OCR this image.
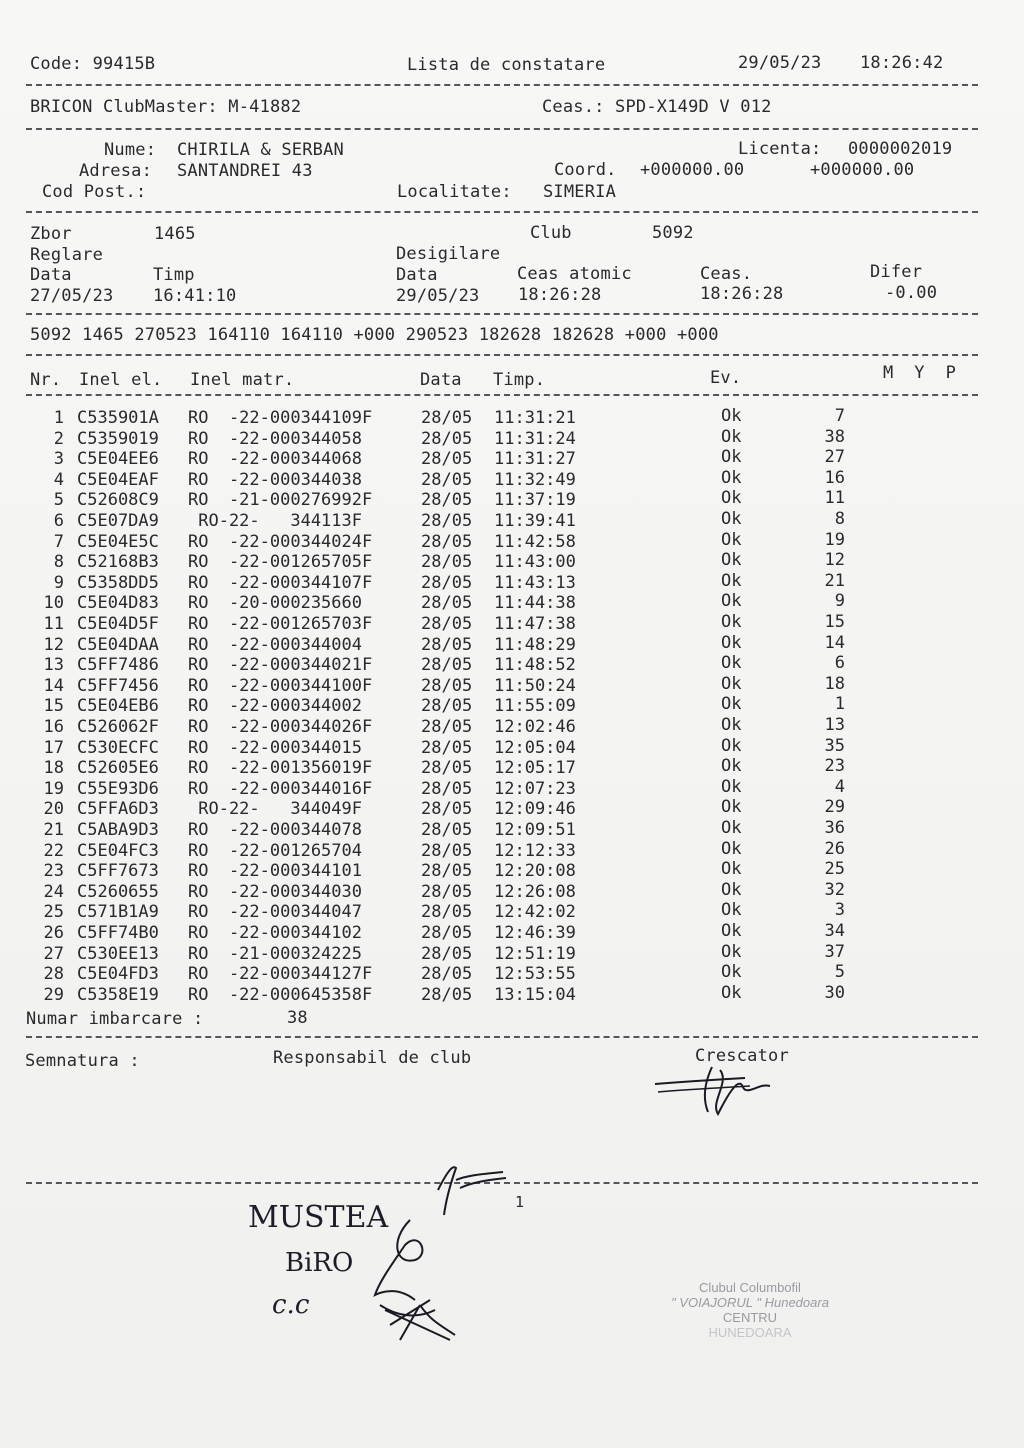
Code: 99415B	Lista de constatare	29/05/23 18:26:42
BRICON ClubMaster: M-41882	Ceas.: SPD-X149D V 012
Nume: CHIRILA & SERBAN	Licenta: 0000002019
Adresa: SANTANDREI 43	Coord. +000000.00	+000000.00
Cod Post.:	Localitate: SIMERIA
Zbor	1465	Club	5092
Reglare	Desigilare
Data	Timp	Data	Ceas atomic	Ceas.	Difer
27/05/23 16:41:10	29/05/23 18:26:28	18:26:28	-0.00
5092 1465 270523 164110 164110 +000 290523 182628 182628 +000 +000
Nr. Inel el. Inel matr.	Data Timp.	Ev.	M  Y  P
1 C535901A RO  -22-000344109F	28/05 11:31:21	Ok	7
2 C5359019 RO  -22-000344058	28/05 11:31:24	Ok	38
3 C5E04EE6 RO  -22-000344068	28/05 11:31:27	Ok	27
4 C5E04EAF RO  -22-000344038	28/05 11:32:49	Ok	16
5 C52608C9 RO  -21-000276992F	28/05 11:37:19	Ok	11
6 C5E07DA9 RO-22-   344113F	28/05 11:39:41	Ok	8
7 C5E04E5C RO  -22-000344024F	28/05 11:42:58	Ok	19
8 C52168B3 RO  -22-001265705F	28/05 11:43:00	Ok	12
9 C5358DD5 RO  -22-000344107F	28/05 11:43:13	Ok	21
10 C5E04D83 RO  -20-000235660	28/05 11:44:38	Ok	9
11 C5E04D5F RO  -22-001265703F	28/05 11:47:38	Ok	15
12 C5E04DAA RO  -22-000344004	28/05 11:48:29	Ok	14
13 C5FF7486 RO  -22-000344021F	28/05 11:48:52	Ok	6
14 C5FF7456 RO  -22-000344100F	28/05 11:50:24	Ok	18
15 C5E04EB6 RO  -22-000344002	28/05 11:55:09	Ok	1
16 C526062F RO  -22-000344026F	28/05 12:02:46	Ok	13
17 C530ECFC RO  -22-000344015	28/05 12:05:04	Ok	35
18 C52605E6 RO  -22-001356019F	28/05 12:05:17	Ok	23
19 C55E93D6 RO  -22-000344016F	28/05 12:07:23	Ok	4
20 C5FFA6D3 RO-22-   344049F	28/05 12:09:46	Ok	29
21 C5ABA9D3 RO  -22-000344078	28/05 12:09:51	Ok	36
22 C5E04FC3 RO  -22-001265704	28/05 12:12:33	Ok	26
23 C5FF7673 RO  -22-000344101	28/05 12:20:08	Ok	25
24 C5260655 RO  -22-000344030	28/05 12:26:08	Ok	32
25 C571B1A9 RO  -22-000344047	28/05 12:42:02	Ok	3
26 C5FF74B0 RO  -22-000344102	28/05 12:46:39	Ok	34
27 C530EE13 RO  -21-000324225	28/05 12:51:19	Ok	37
28 C5E04FD3 RO  -22-000344127F	28/05 12:53:55	Ok	5
29 C5358E19 RO  -22-000645358F	28/05 13:15:04	Ok	30
Numar imbarcare :	38
Semnatura :	Responsabil de club	Crescator
1
MUSTEA
BiRO
c.c
Clubul Columbofil
" VOIAJORUL " Hunedoara
CENTRU
HUNEDOARA
